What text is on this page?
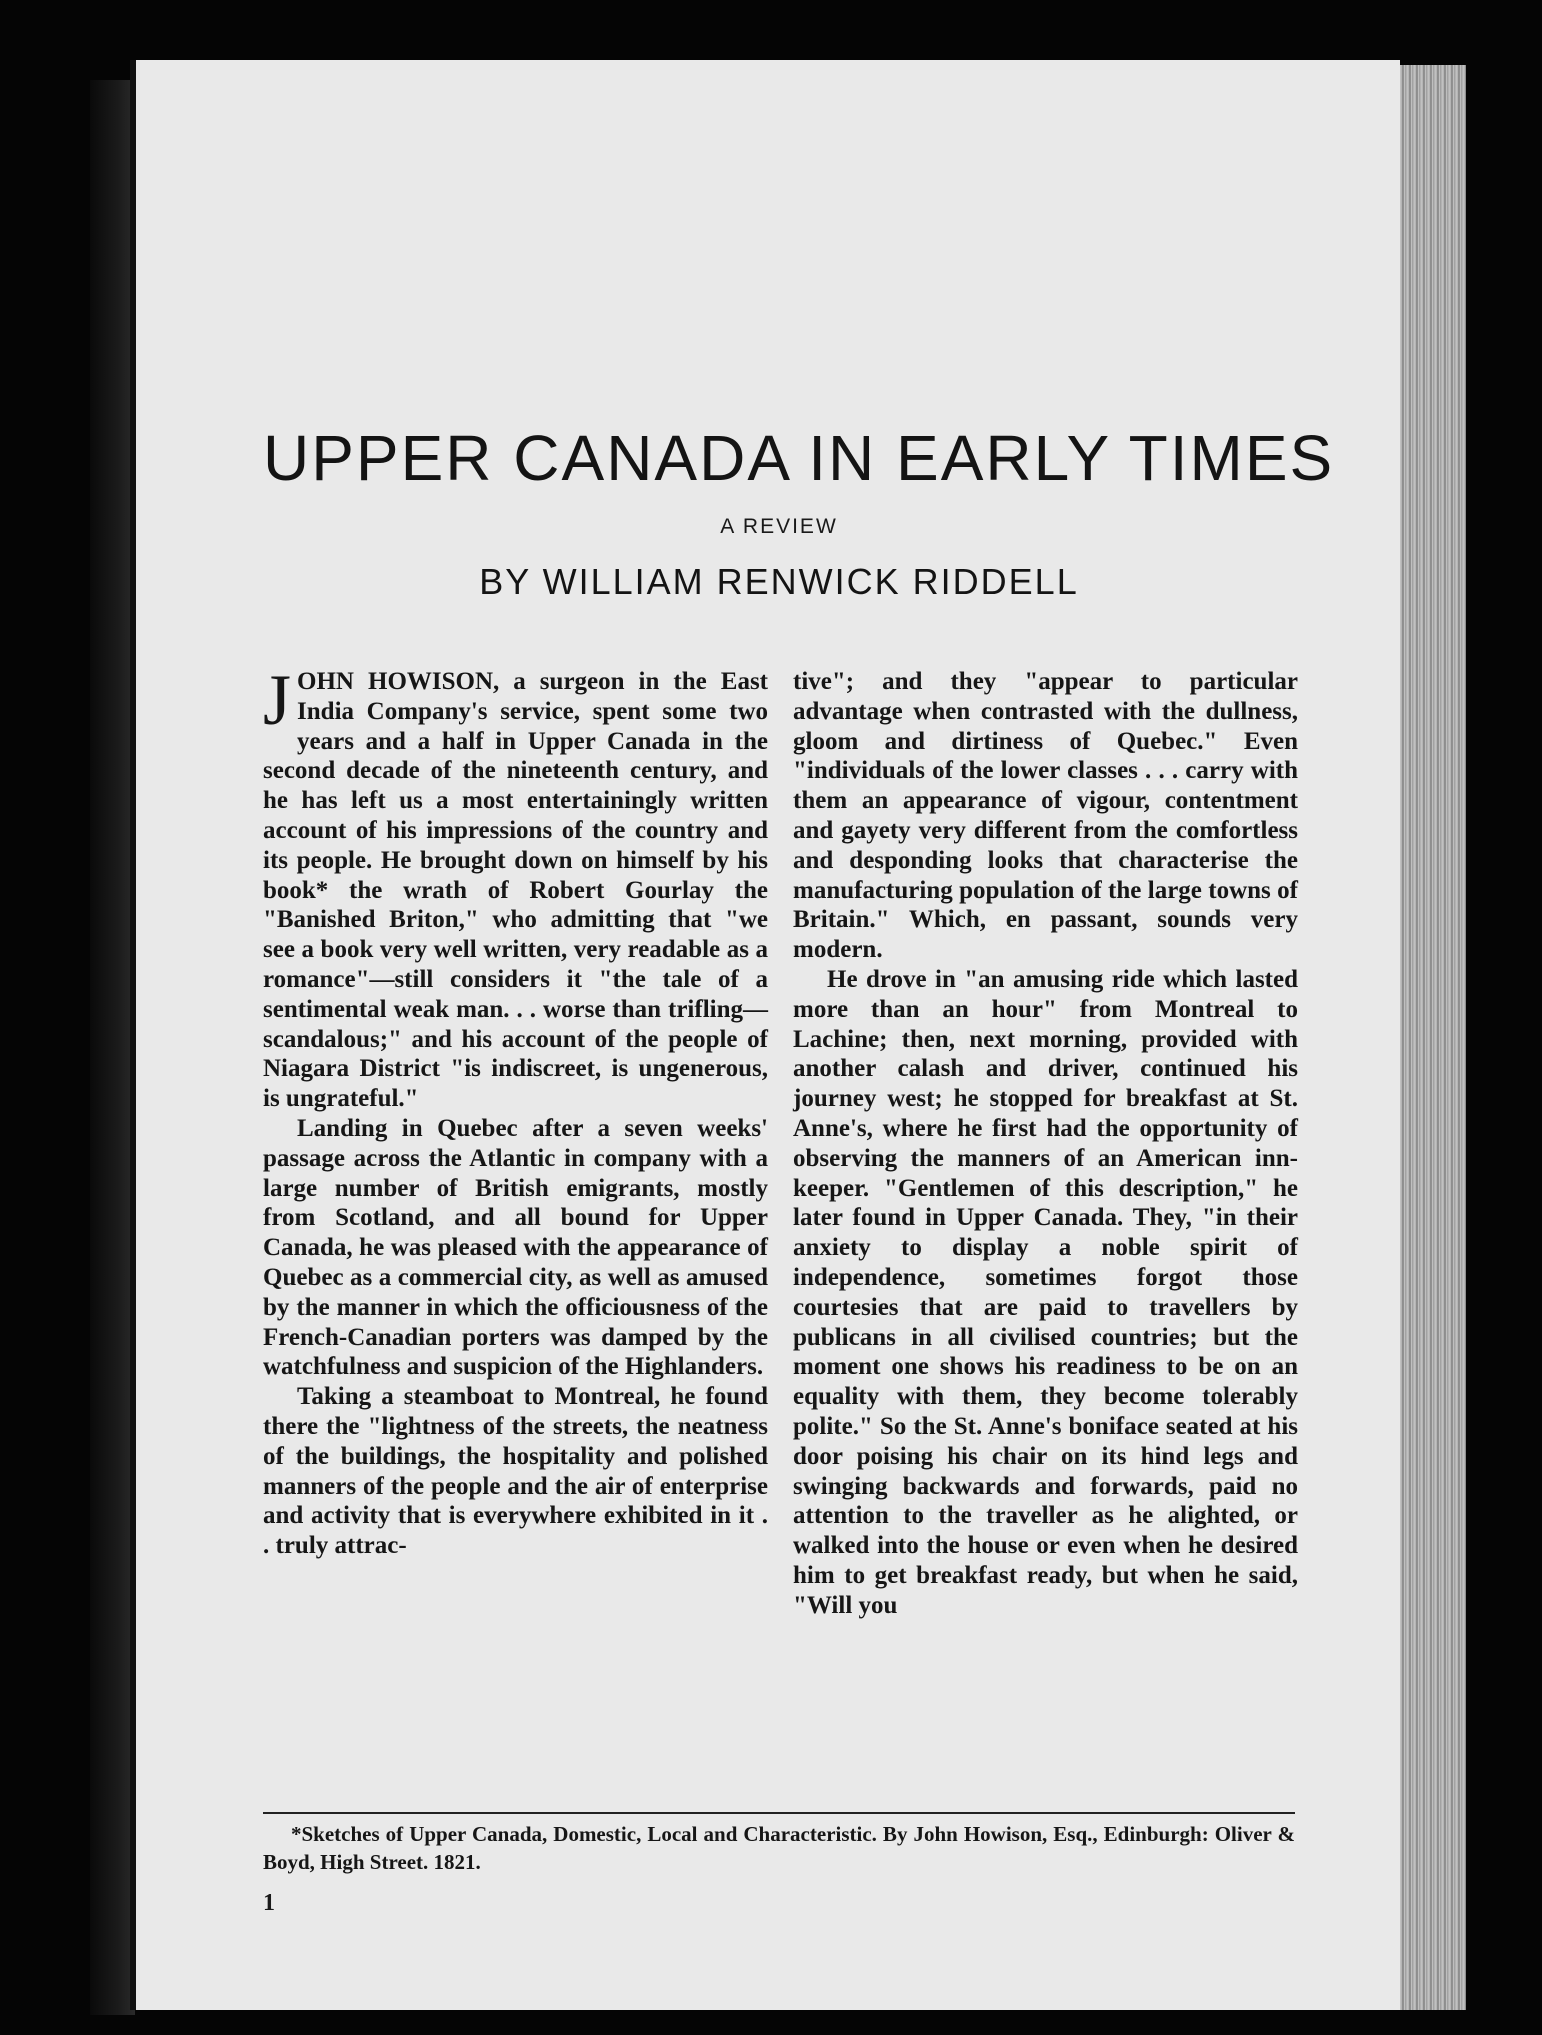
UPPER CANADA IN EARLY TIMES
A REVIEW
BY WILLIAM RENWICK RIDDELL

JOHN HOWISON, a surgeon in the East India Company's service, spent some two years and a half in Upper Canada in the second decade of the nineteenth century, and he has left us a most entertainingly written account of his impressions of the country and its people. He brought down on himself by his book* the wrath of Robert Gourlay the "Banished Briton," who admitting that "we see a book very well written, very readable as a romance"—still considers it "the tale of a sentimental weak man. . . worse than trifling—scandalous;" and his account of the people of Niagara District "is indiscreet, is ungenerous, is ungrateful."

Landing in Quebec after a seven weeks' passage across the Atlantic in company with a large number of British emigrants, mostly from Scotland, and all bound for Upper Canada, he was pleased with the appearance of Quebec as a commercial city, as well as amused by the manner in which the officiousness of the French-Canadian porters was damped by the watchfulness and suspicion of the Highlanders.

Taking a steamboat to Montreal, he found there the "lightness of the streets, the neatness of the buildings, the hospitality and polished manners of the people and the air of enterprise and activity that is everywhere exhibited in it . . truly attrac-

tive"; and they "appear to particular advantage when contrasted with the dullness, gloom and dirtiness of Quebec." Even "individuals of the lower classes . . . carry with them an appearance of vigour, contentment and gayety very different from the comfortless and desponding looks that characterise the manufacturing population of the large towns of Britain." Which, en passant, sounds very modern.

He drove in "an amusing ride which lasted more than an hour" from Montreal to Lachine; then, next morning, provided with another calash and driver, continued his journey west; he stopped for breakfast at St. Anne's, where he first had the opportunity of observing the manners of an American inn-keeper. "Gentlemen of this description," he later found in Upper Canada. They, "in their anxiety to display a noble spirit of independence, sometimes forgot those courtesies that are paid to travellers by publicans in all civilised countries; but the moment one shows his readiness to be on an equality with them, they become tolerably polite." So the St. Anne's boniface seated at his door poising his chair on its hind legs and swinging backwards and forwards, paid no attention to the traveller as he alighted, or walked into the house or even when he desired him to get breakfast ready, but when he said, "Will you

*Sketches of Upper Canada, Domestic, Local and Characteristic. By John Howison, Esq., Edinburgh: Oliver & Boyd, High Street. 1821.
1
